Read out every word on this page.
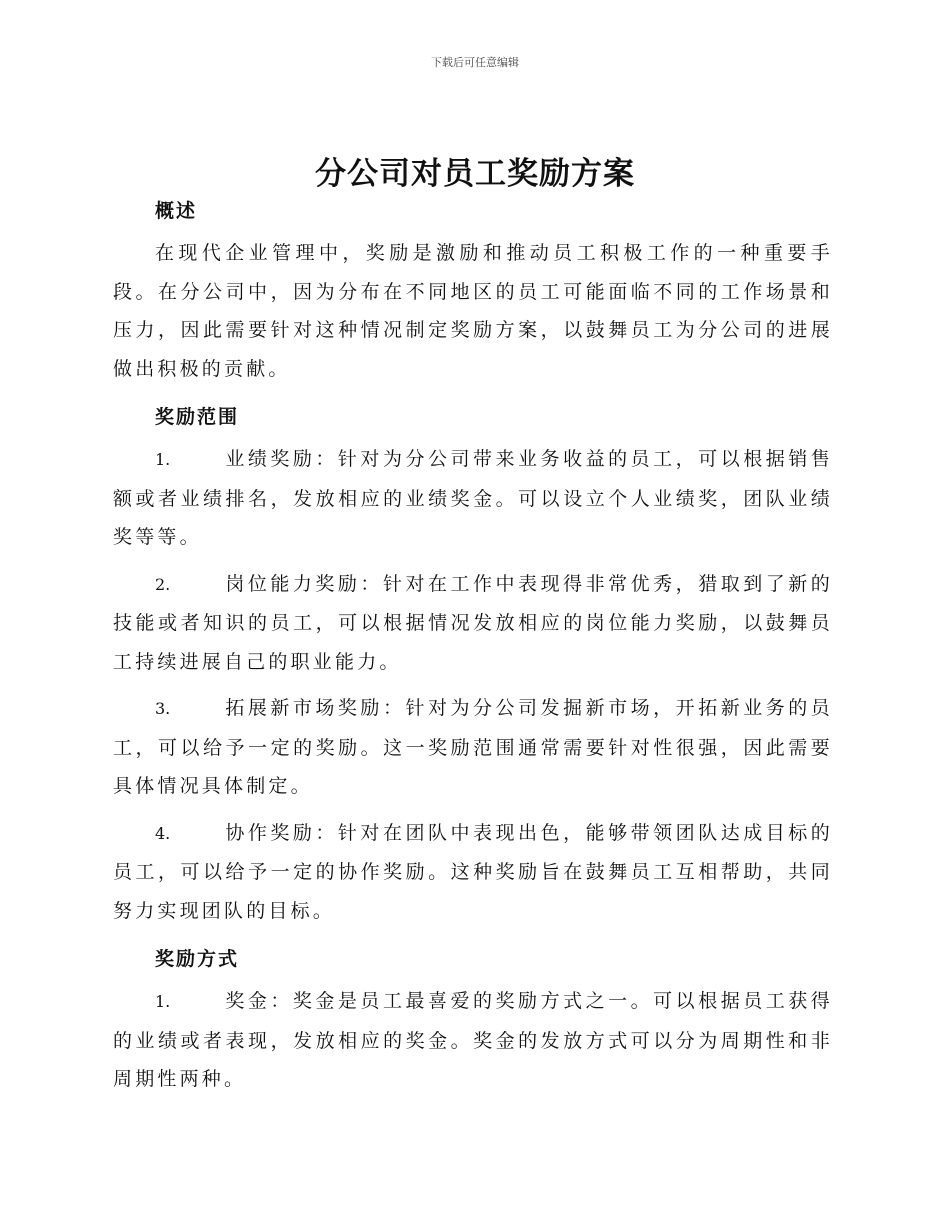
下载后可任意编辑
分公司对员工奖励方案

概述

在现代企业管理中，奖励是激励和推动员工积极工作的一种重要手段。在分公司中，因为分布在不同地区的员工可能面临不同的工作场景和压力，因此需要针对这种情况制定奖励方案，以鼓舞员工为分公司的进展做出积极的贡献。

奖励范围

1.	业绩奖励：针对为分公司带来业务收益的员工，可以根据销售额或者业绩排名，发放相应的业绩奖金。可以设立个人业绩奖，团队业绩奖等等。

2.	岗位能力奖励：针对在工作中表现得非常优秀，猎取到了新的技能或者知识的员工，可以根据情况发放相应的岗位能力奖励，以鼓舞员工持续进展自己的职业能力。

3.	拓展新市场奖励：针对为分公司发掘新市场，开拓新业务的员工，可以给予一定的奖励。这一奖励范围通常需要针对性很强，因此需要具体情况具体制定。

4.	协作奖励：针对在团队中表现出色，能够带领团队达成目标的员工，可以给予一定的协作奖励。这种奖励旨在鼓舞员工互相帮助，共同努力实现团队的目标。

奖励方式

1.	奖金：奖金是员工最喜爱的奖励方式之一。可以根据员工获得的业绩或者表现，发放相应的奖金。奖金的发放方式可以分为周期性和非周期性两种。
